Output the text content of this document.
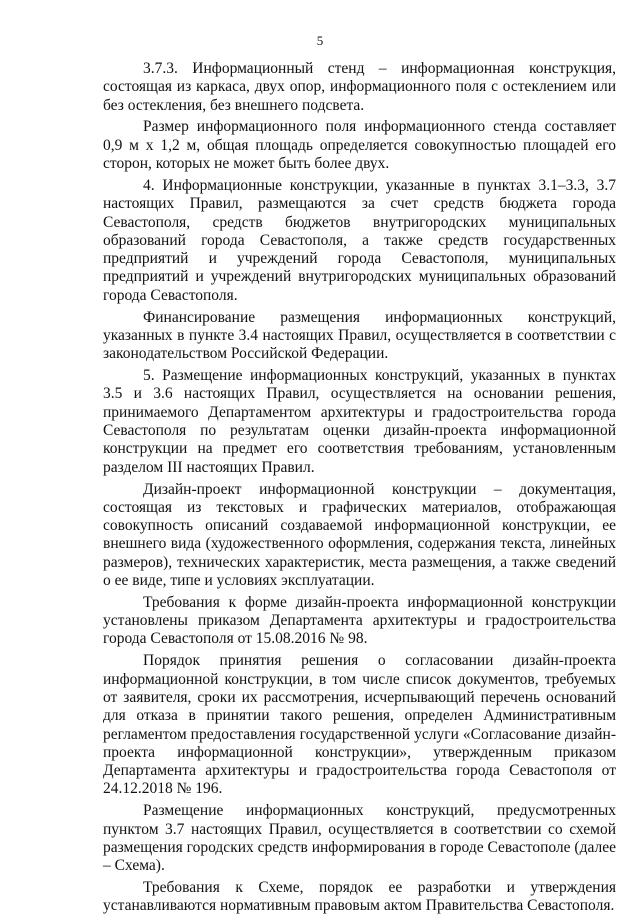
5

3.7.3. Информационный стенд – информационная конструкция, состоящая из каркаса, двух опор, информационного поля с остеклением или без остекления, без внешнего подсвета.

Размер информационного поля информационного стенда составляет 0,9 м х 1,2 м, общая площадь определяется совокупностью площадей его сторон, которых не может быть более двух.

4. Информационные конструкции, указанные в пунктах 3.1–3.3, 3.7 настоящих Правил, размещаются за счет средств бюджета города Севастополя, средств бюджетов внутригородских муниципальных образований города Севастополя, а также средств государственных предприятий и учреждений города Севастополя, муниципальных предприятий и учреждений внутригородских муниципальных образований города Севастополя.

Финансирование размещения информационных конструкций, указанных в пункте 3.4 настоящих Правил, осуществляется в соответствии с законодательством Российской Федерации.

5. Размещение информационных конструкций, указанных в пунктах 3.5 и 3.6 настоящих Правил, осуществляется на основании решения, принимаемого Департаментом архитектуры и градостроительства города Севастополя по результатам оценки дизайн-проекта информационной конструкции на предмет его соответствия требованиям, установленным разделом III настоящих Правил.

Дизайн-проект информационной конструкции – документация, состоящая из текстовых и графических материалов, отображающая совокупность описаний создаваемой информационной конструкции, ее внешнего вида (художественного оформления, содержания текста, линейных размеров), технических характеристик, места размещения, а также сведений о ее виде, типе и условиях эксплуатации.

Требования к форме дизайн-проекта информационной конструкции установлены приказом Департамента архитектуры и градостроительства города Севастополя от 15.08.2016 № 98.

Порядок принятия решения о согласовании дизайн-проекта информационной конструкции, в том числе список документов, требуемых от заявителя, сроки их рассмотрения, исчерпывающий перечень оснований для отказа в принятии такого решения, определен Административным регламентом предоставления государственной услуги «Согласование дизайн-проекта информационной конструкции», утвержденным приказом Департамента архитектуры и градостроительства города Севастополя от 24.12.2018 № 196.

Размещение информационных конструкций, предусмотренных пунктом 3.7 настоящих Правил, осуществляется в соответствии со схемой размещения городских средств информирования в городе Севастополе (далее – Схема).

Требования к Схеме, порядок ее разработки и утверждения устанавливаются нормативным правовым актом Правительства Севастополя.
